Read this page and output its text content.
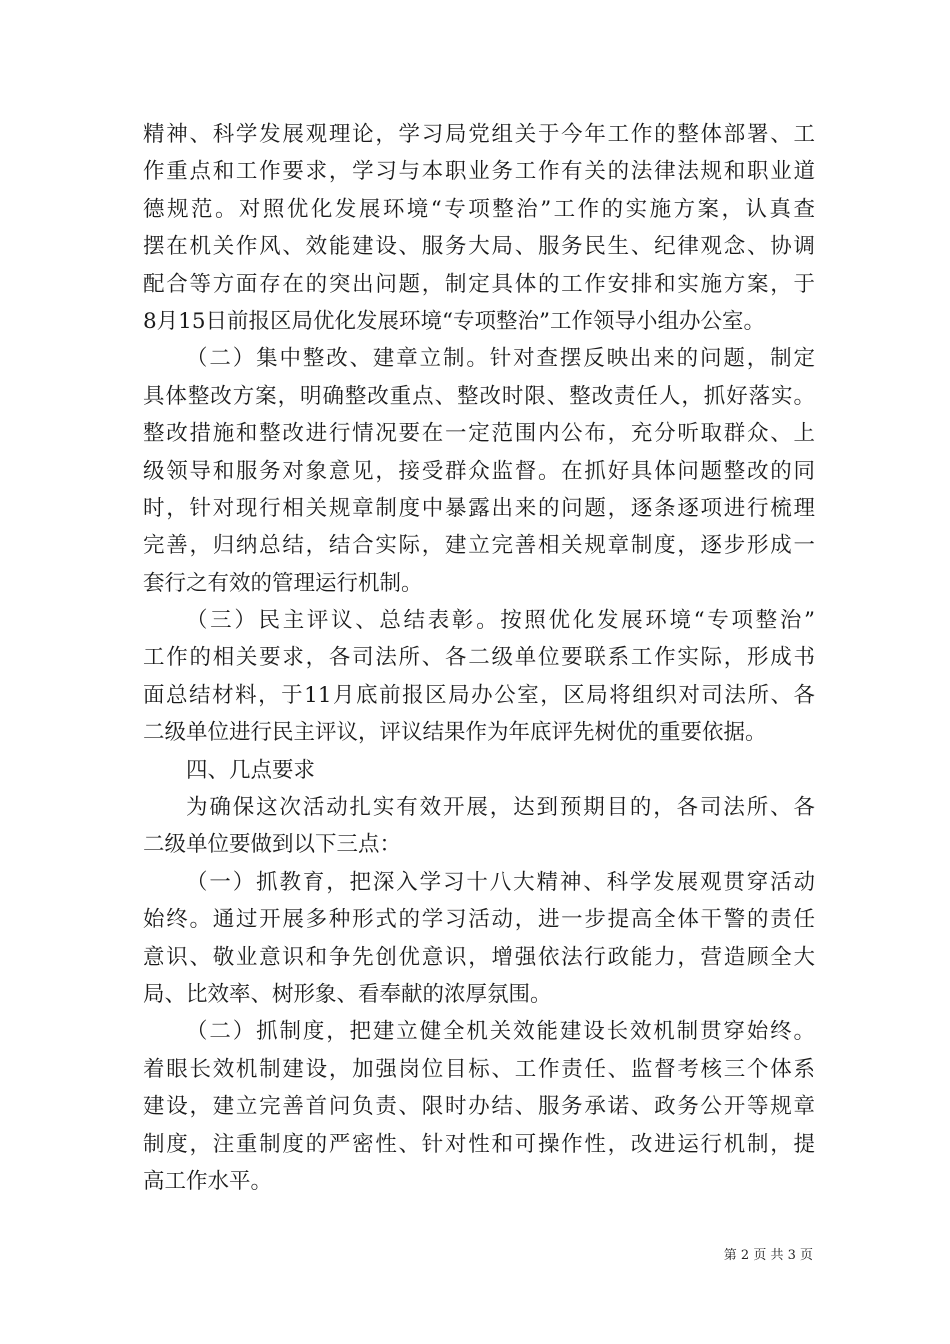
精神、科学发展观理论，学习局党组关于今年工作的整体部署、工
作重点和工作要求，学习与本职业务工作有关的法律法规和职业道
德规范。对照优化发展环境“专项整治”工作的实施方案，认真查
摆在机关作风、效能建设、服务大局、服务民生、纪律观念、协调
配合等方面存在的突出问题，制定具体的工作安排和实施方案，于
8月15日前报区局优化发展环境“专项整治”工作领导小组办公室。
（二）集中整改、建章立制。针对查摆反映出来的问题，制定
具体整改方案，明确整改重点、整改时限、整改责任人，抓好落实。
整改措施和整改进行情况要在一定范围内公布，充分听取群众、上
级领导和服务对象意见，接受群众监督。在抓好具体问题整改的同
时，针对现行相关规章制度中暴露出来的问题，逐条逐项进行梳理
完善，归纳总结，结合实际，建立完善相关规章制度，逐步形成一
套行之有效的管理运行机制。
（三）民主评议、总结表彰。按照优化发展环境“专项整治”
工作的相关要求，各司法所、各二级单位要联系工作实际，形成书
面总结材料，于11月底前报区局办公室，区局将组织对司法所、各
二级单位进行民主评议，评议结果作为年底评先树优的重要依据。
四、几点要求
为确保这次活动扎实有效开展，达到预期目的，各司法所、各
二级单位要做到以下三点：
（一）抓教育，把深入学习十八大精神、科学发展观贯穿活动
始终。通过开展多种形式的学习活动，进一步提高全体干警的责任
意识、敬业意识和争先创优意识，增强依法行政能力，营造顾全大
局、比效率、树形象、看奉献的浓厚氛围。
（二）抓制度，把建立健全机关效能建设长效机制贯穿始终。
着眼长效机制建设，加强岗位目标、工作责任、监督考核三个体系
建设，建立完善首问负责、限时办结、服务承诺、政务公开等规章
制度，注重制度的严密性、针对性和可操作性，改进运行机制，提
高工作水平。
第 2 页 共 3 页
